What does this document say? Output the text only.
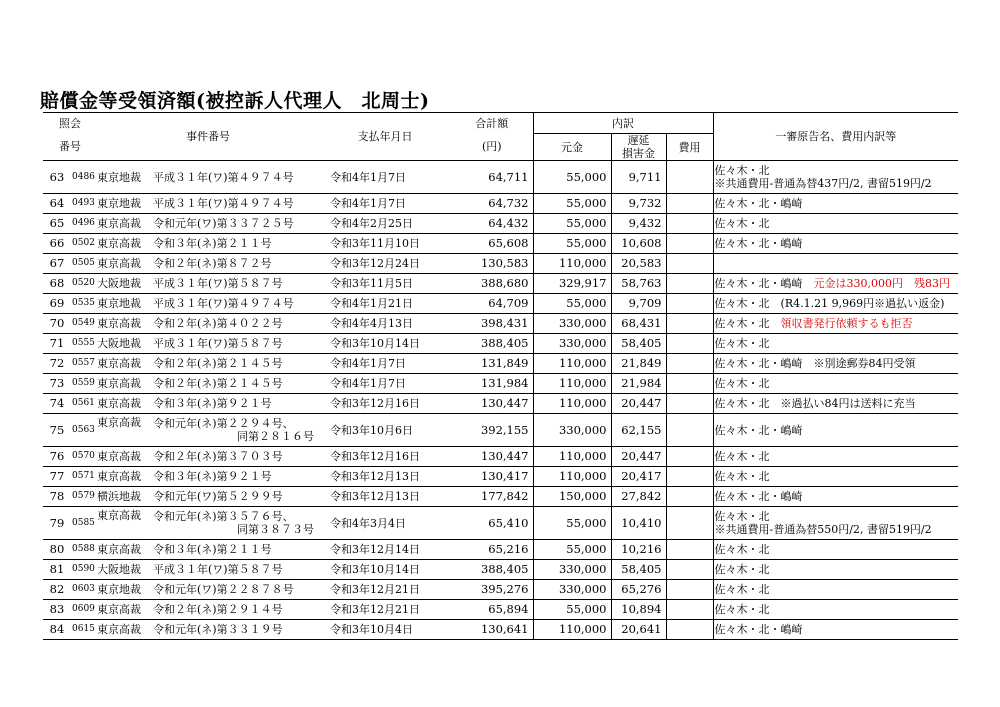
賠償金等受領済額(被控訴人代理人　北周士)
照会		事件番号		支払年月日	合計額	内訳			一審原告名、費用内訳等
番号					(円)	元金	遅延
損害金	費用	
63	0486	東京地裁	平成３１年(ワ)第４９７４号	令和4年1月7日	64,711	55,000	9,711		佐々木・北
※共通費用-普通為替437円/2, 書留519円/2

64	0493	東京地裁	平成３１年(ワ)第４９７４号	令和4年1月7日	64,732	55,000	9,732		佐々木・北・嶋崎
65	0496	東京高裁	令和元年(ワ)第３３７２５号	令和4年2月25日	64,432	55,000	9,432		佐々木・北
66	0502	東京高裁	令和３年(ネ)第２１１号	令和3年11月10日	65,608	55,000	10,608		佐々木・北・嶋崎
67	0505	東京高裁	令和２年(ネ)第８７２号	令和3年12月24日	130,583	110,000	20,583		
68	0520	大阪地裁	平成３１年(ワ)第５８７号	令和3年11月5日	388,680	329,917	58,763		佐々木・北・嶋崎　 元金は330,000円　残83円
69	0535	東京地裁	平成３１年(ワ)第４９７４号	令和4年1月21日	64,709	55,000	9,709		佐々木・北　(R4.1.21 9,969円※過払い返金)
70	0549	東京高裁	令和２年(ネ)第４０２２号	令和4年4月13日	398,431	330,000	68,431		佐々木・北　 領収書発行依頼するも拒否
71	0555	大阪地裁	平成３１年(ワ)第５８７号	令和3年10月14日	388,405	330,000	58,405		佐々木・北
72	0557	東京高裁	令和２年(ネ)第２１４５号	令和4年1月7日	131,849	110,000	21,849		佐々木・北・嶋崎　※別途郵券84円受領
73	0559	東京高裁	令和２年(ネ)第２１４５号	令和4年1月7日	131,984	110,000	21,984		佐々木・北
74	0561	東京高裁	令和３年(ネ)第９２１号	令和3年12月16日	130,447	110,000	20,447		佐々木・北　※過払い84円は送料に充当
75	0563	東京高裁	令和元年(ネ)第２２９４号、
同第２８１６号	令和3年10月6日	392,155	330,000	62,155		佐々木・北・嶋崎
76	0570	東京高裁	令和２年(ネ)第３７０３号	令和3年12月16日	130,447	110,000	20,447		佐々木・北
77	0571	東京高裁	令和３年(ネ)第９２１号	令和3年12月13日	130,417	110,000	20,417		佐々木・北
78	0579	横浜地裁	令和元年(ワ)第５２９９号	令和3年12月13日	177,842	150,000	27,842		佐々木・北・嶋崎
79	0585	東京高裁	令和元年(ネ)第３５７６号、
同第３８７３号	令和4年3月4日	65,410	55,000	10,410		佐々木・北
※共通費用-普通為替550円/2, 書留519円/2

80	0588	東京高裁	令和３年(ネ)第２１１号	令和3年12月14日	65,216	55,000	10,216		佐々木・北
81	0590	大阪地裁	平成３１年(ワ)第５８７号	令和3年10月14日	388,405	330,000	58,405		佐々木・北
82	0603	東京地裁	令和元年(ワ)第２２８７８号	令和3年12月21日	395,276	330,000	65,276		佐々木・北
83	0609	東京高裁	令和２年(ネ)第２９１４号	令和3年12月21日	65,894	55,000	10,894		佐々木・北
84	0615	東京高裁	令和元年(ネ)第３３１９号	令和3年10月4日	130,641	110,000	20,641		佐々木・北・嶋崎
